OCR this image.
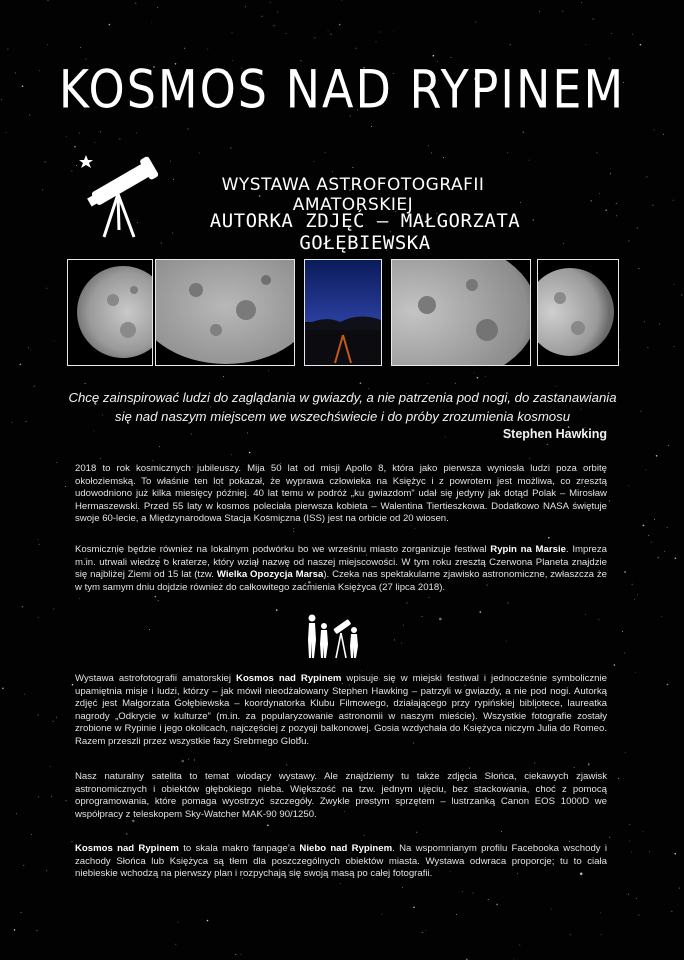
KOSMOS NAD RYPINEM
WYSTAWA ASTROFOTOGRAFII AMATORSKIEJ
AUTORKA ZDJĘĆ – MAŁGORZATA GOŁĘBIEWSKA
Chcę zainspirować ludzi do zaglądania w gwiazdy, a nie patrzenia pod nogi, do zastanawiania
się nad naszym miejscem we wszechświecie i do próby zrozumienia kosmosu
Stephen Hawking
2018 to rok kosmicznych jubileuszy. Mija 50 lat od misji Apollo 8, która jako pierwsza wyniosła ludzi poza orbitę okołoziemską. To właśnie ten lot pokazał, że wyprawa człowieka na Księżyc i z powrotem jest możliwa, co zresztą udowodniono już kilka miesięcy później. 40 lat temu w podróż „ku gwiazdom” udał się jedyny jak dotąd Polak – Mirosław Hermaszewski. Przed 55 laty w kosmos poleciała pierwsza kobieta – Walentina Tiertieszkowa. Dodatkowo NASA świętuje swoje 60-lecie, a Międzynarodowa Stacja Kosmiczna (ISS) jest na orbicie od 20 wiosen.
Kosmicznie będzie również na lokalnym podwórku bo we wrześniu miasto zorganizuje festiwal Rypin na Marsie. Impreza m.in. utrwali wiedzę o kraterze, który wziął nazwę od naszej miejscowości. W tym roku zresztą Czerwona Planeta znajdzie się najbliżej Ziemi od 15 lat (tzw. Wielka Opozycja Marsa). Czeka nas spektakularne zjawisko astronomiczne, zwłaszcza że w tym samym dniu dojdzie również do całkowitego zaćmienia Księżyca (27 lipca 2018).
Wystawa astrofotografii amatorskiej Kosmos nad Rypinem wpisuje się w miejski festiwal i jednocześnie symbolicznie upamiętnia misje i ludzi, którzy – jak mówił nieodżałowany Stephen Hawking – patrzyli w gwiazdy, a nie pod nogi. Autorką zdjęć jest Małgorzata Gołębiewska – koordynatorka Klubu Filmowego, działającego przy rypińskiej bibliotece, laureatka nagrody „Odkrycie w kulturze” (m.in. za popularyzowanie astronomii w naszym mieście). Wszystkie fotografie zostały zrobione w Rypinie i jego okolicach, najczęściej z pozycji balkonowej. Gosia wzdychała do Księżyca niczym Julia do Romeo. Razem przeszli przez wszystkie fazy Srebrnego Globu.
Nasz naturalny satelita to temat wiodący wystawy. Ale znajdziemy tu także zdjęcia Słońca, ciekawych zjawisk astronomicznych i obiektów głębokiego nieba. Większość na tzw. jednym ujęciu, bez stackowania, choć z pomocą oprogramowania, które pomaga wyostrzyć szczegóły. Zwykle prostym sprzętem – lustrzanką Canon EOS 1000D we współpracy z teleskopem Sky-Watcher MAK-90 90/1250.
Kosmos nad Rypinem to skala makro fanpage’a Niebo nad Rypinem. Na wspomnianym profilu Facebooka wschody i zachody Słońca lub Księżyca są tłem dla poszczególnych obiektów miasta. Wystawa odwraca proporcje; tu to ciała niebieskie wchodzą na pierwszy plan i rozpychają się swoją masą po całej fotografii.
